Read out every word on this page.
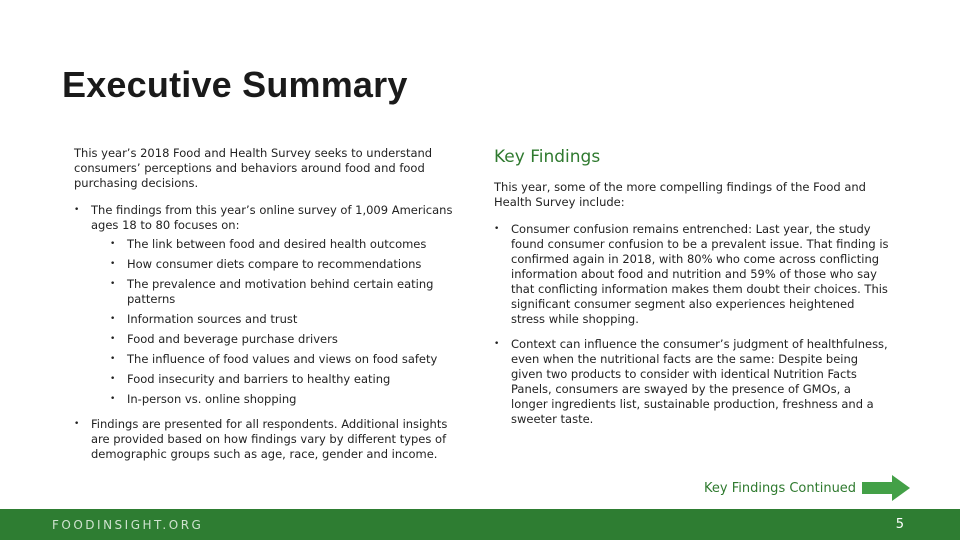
Executive Summary

This year’s 2018 Food and Health Survey seeks to understand consumers’ perceptions and behaviors around food and food purchasing decisions.

• The findings from this year’s online survey of 1,009 Americans ages 18 to 80 focuses on:
• The link between food and desired health outcomes
• How consumer diets compare to recommendations
• The prevalence and motivation behind certain eating patterns
• Information sources and trust
• Food and beverage purchase drivers
• The influence of food values and views on food safety
• Food insecurity and barriers to healthy eating
• In-person vs. online shopping
• Findings are presented for all respondents. Additional insights are provided based on how findings vary by different types of demographic groups such as age, race, gender and income.
Key Findings

This year, some of the more compelling findings of the Food and Health Survey include:

• Consumer confusion remains entrenched: Last year, the study found consumer confusion to be a prevalent issue. That finding is confirmed again in 2018, with 80% who come across conflicting information about food and nutrition and 59% of those who say that conflicting information makes them doubt their choices. This significant consumer segment also experiences heightened stress while shopping.
• Context can influence the consumer’s judgment of healthfulness, even when the nutritional facts are the same: Despite being given two products to consider with identical Nutrition Facts Panels, consumers are swayed by the presence of GMOs, a longer ingredients list, sustainable production, freshness and a sweeter taste.
Key Findings Continued
FOODINSIGHT.ORG	5
